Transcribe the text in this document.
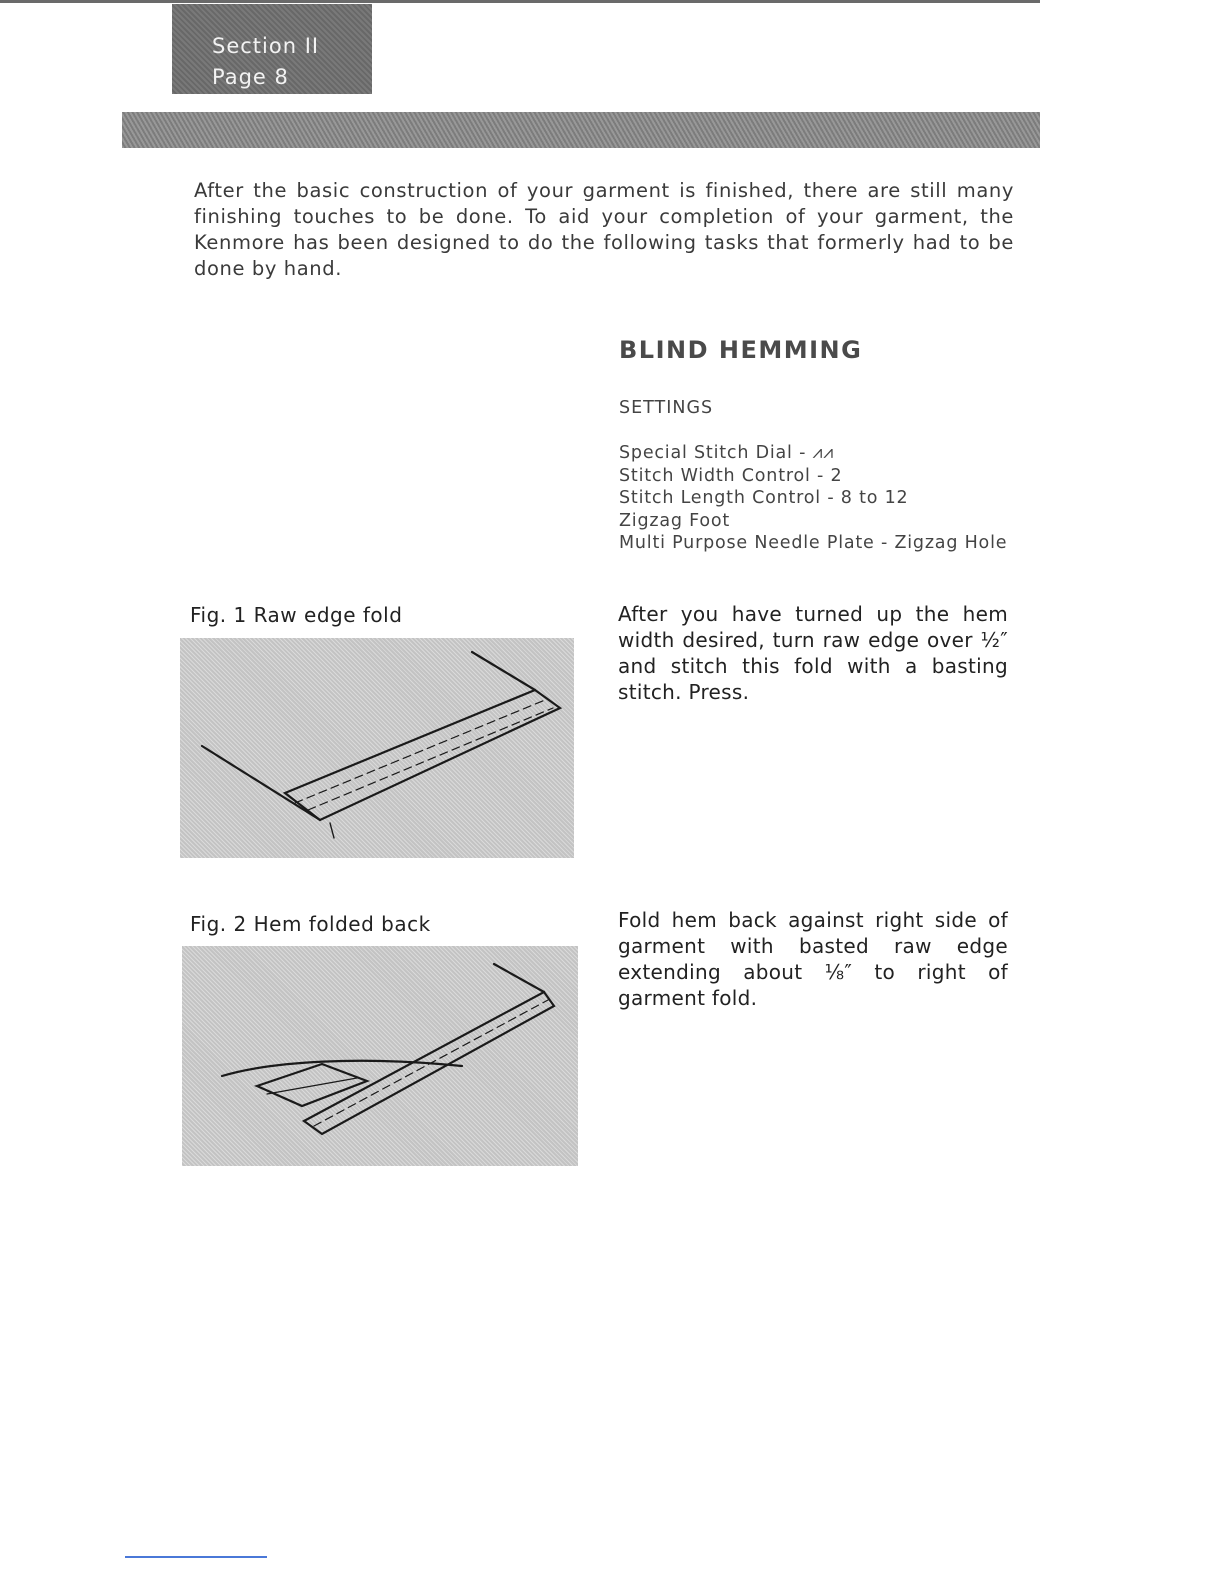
Section II
Page 8

After the basic construction of your garment is finished, there are still many finishing touches to be done. To aid your completion of your garment, the Kenmore has been designed to do the following tasks that formerly had to be done by hand.

BLIND HEMMING
SETTINGS
Special Stitch Dial - ⩘⩘
Stitch Width Control - 2
Stitch Length Control - 8 to 12
Zigzag Foot
Multi Purpose Needle Plate - Zigzag Hole
Fig. 1 Raw edge fold	After you have turned up the hem width desired, turn raw edge over ½″ and stitch this fold with a basting stitch. Press.
Fig. 2 Hem folded back	Fold hem back against right side of garment with basted raw edge extending about ⅛″ to right of garment fold.
